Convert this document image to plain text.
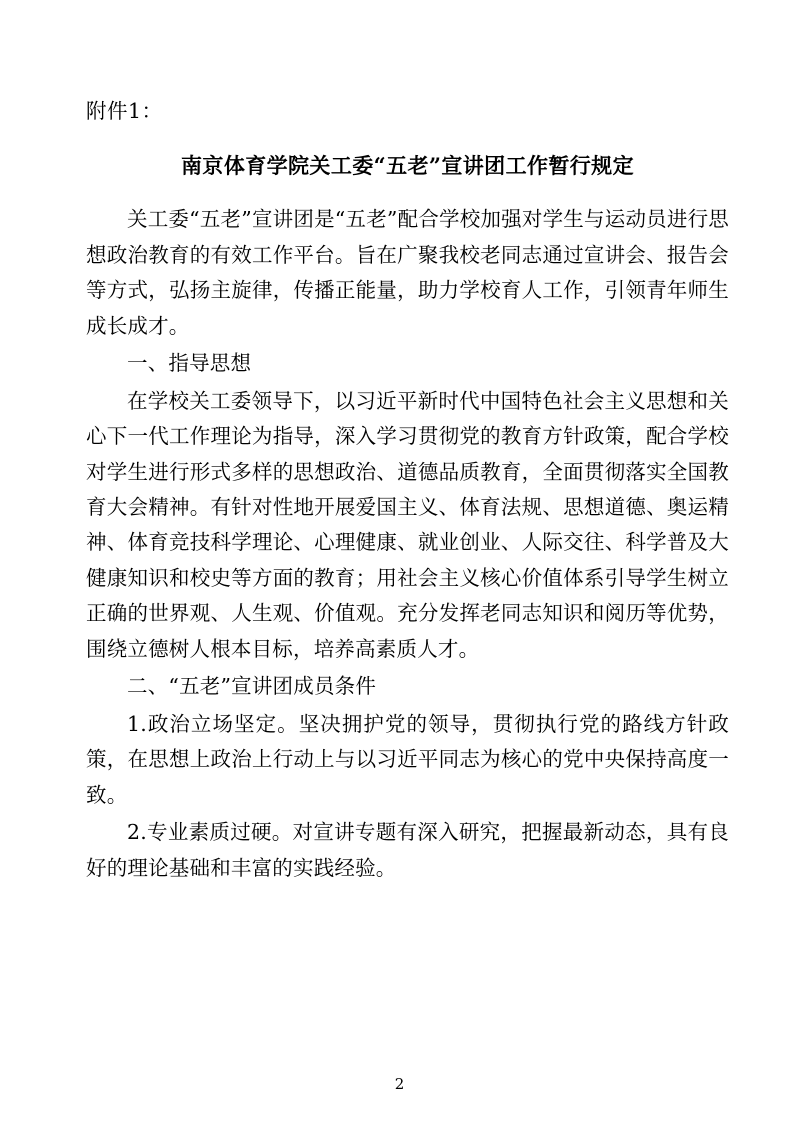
附件1：
南京体育学院关工委“五老”宣讲团工作暂行规定

关工委“五老”宣讲团是“五老”配合学校加强对学生与运动员进行思想政治教育的有效工作平台。旨在广聚我校老同志通过宣讲会、报告会等方式，弘扬主旋律，传播正能量，助力学校育人工作，引领青年师生成长成才。

一、指导思想

在学校关工委领导下，以习近平新时代中国特色社会主义思想和关心下一代工作理论为指导，深入学习贯彻党的教育方针政策，配合学校对学生进行形式多样的思想政治、道德品质教育，全面贯彻落实全国教育大会精神。有针对性地开展爱国主义、体育法规、思想道德、奥运精神、体育竞技科学理论、心理健康、就业创业、人际交往、科学普及大健康知识和校史等方面的教育；用社会主义核心价值体系引导学生树立正确的世界观、人生观、价值观。充分发挥老同志知识和阅历等优势，围绕立德树人根本目标，培养高素质人才。

二、“五老”宣讲团成员条件

1.政治立场坚定。坚决拥护党的领导，贯彻执行党的路线方针政策，在思想上政治上行动上与以习近平同志为核心的党中央保持高度一致。

2.专业素质过硬。对宣讲专题有深入研究，把握最新动态，具有良好的理论基础和丰富的实践经验。

2
